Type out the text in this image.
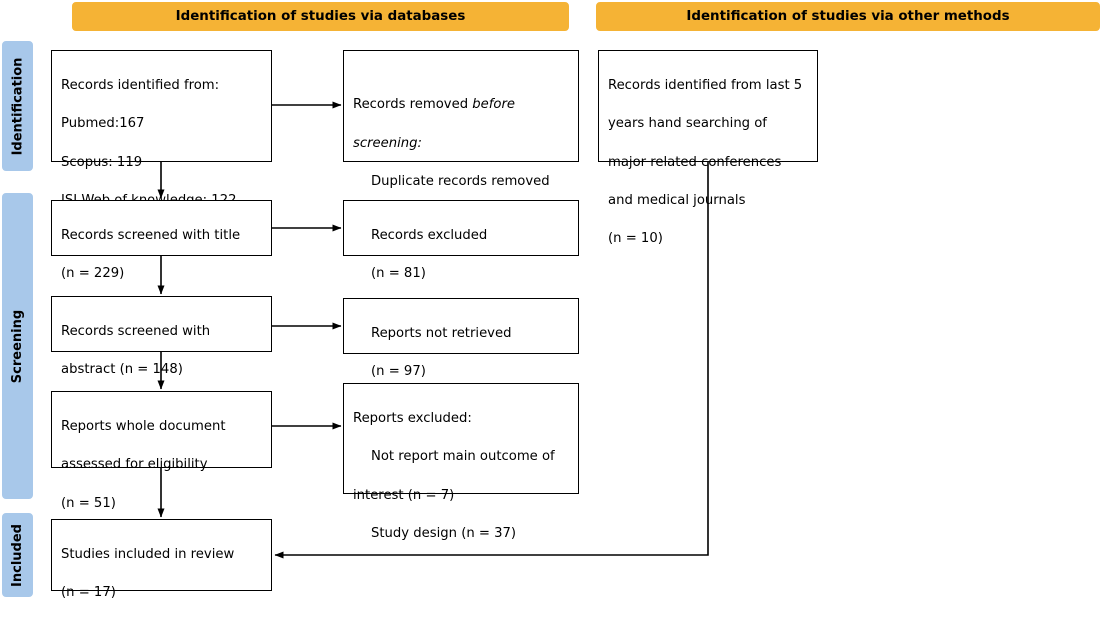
Identification of studies via databases	Identification of studies via other methods
Identification
Screening
Included

Records identified from:

Pubmed:167

Scopus: 119

Records removed before

screening:

Duplicate records removed

Records identified from last 5

years hand searching of

major related conferences

and medical journals

(n = 10)

Records screened with title

(n = 229)

Records excluded

(n = 81)

Records screened with

abstract (n = 148)

Reports not retrieved

(n = 97)

Reports whole document

assessed for eligibility

(n = 51)

Reports excluded:

Not report main outcome of

interest (n = 7)

Study design (n = 37)

Studies included in review

(n = 17)
